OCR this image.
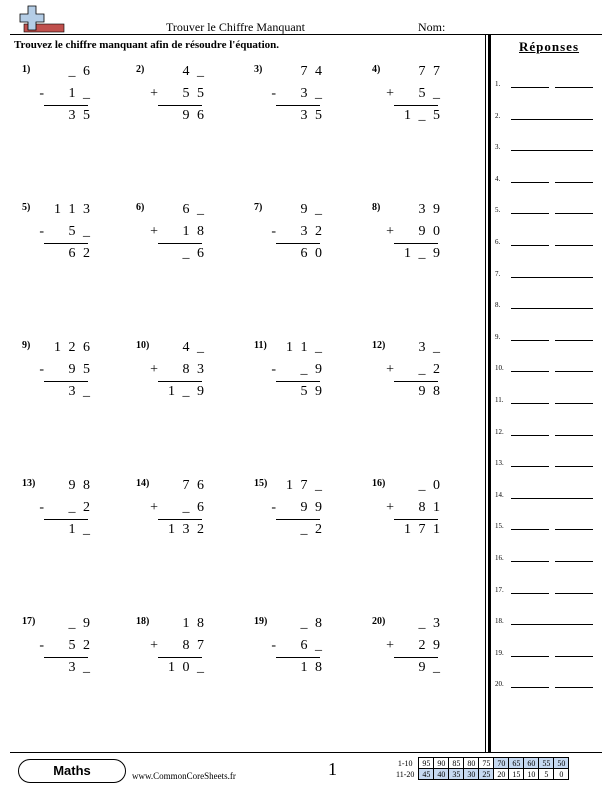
Trouver le Chiffre Manquant	Nom:
Trouvez le chiffre manquant afin de résoudre l'équation.	Réponses
1.
2.
3.
4.
5.
6.
7.
8.
9.
10.
11.
12.
13.
14.
15.
16.
17.
18.
19.
20.
1)	_ 6
-	1 _
3 5
2)	4 _
+	5 5
9 6
3)	7 4
-	3 _
3 5
4)	7 7
+	5 _
1 _ 5
5)	1 1 3
-	5 _
6 2
6)	6 _
+	1 8
_ 6
7)	9 _
-	3 2
6 0
8)	3 9
+	9 0
1 _ 9
9)	1 2 6
-	9 5
3 _
10)	4 _
+	8 3
1 _ 9
11)	1 1 _
-	_ 9
5 9
12)	3 _
+	_ 2
9 8
13)	9 8
-	_ 2
1 _
14)	7 6
+	_ 6
1 3 2
15)	1 7 _
-	9 9
_ 2
16)	_ 0
+	8 1
1 7 1
17)	_ 9
-	5 2
3 _
18)	1 8
+	8 7
1 0 _
19)	_ 8
-	6 _
1 8
20)	_ 3
+	2 9
9 _
Maths	www.CommonCoreSheets.fr	1	1-10	95	90	85	80	75	70	65	60	55	50
11-20	45	40	35	30	25	20	15	10	5	0
